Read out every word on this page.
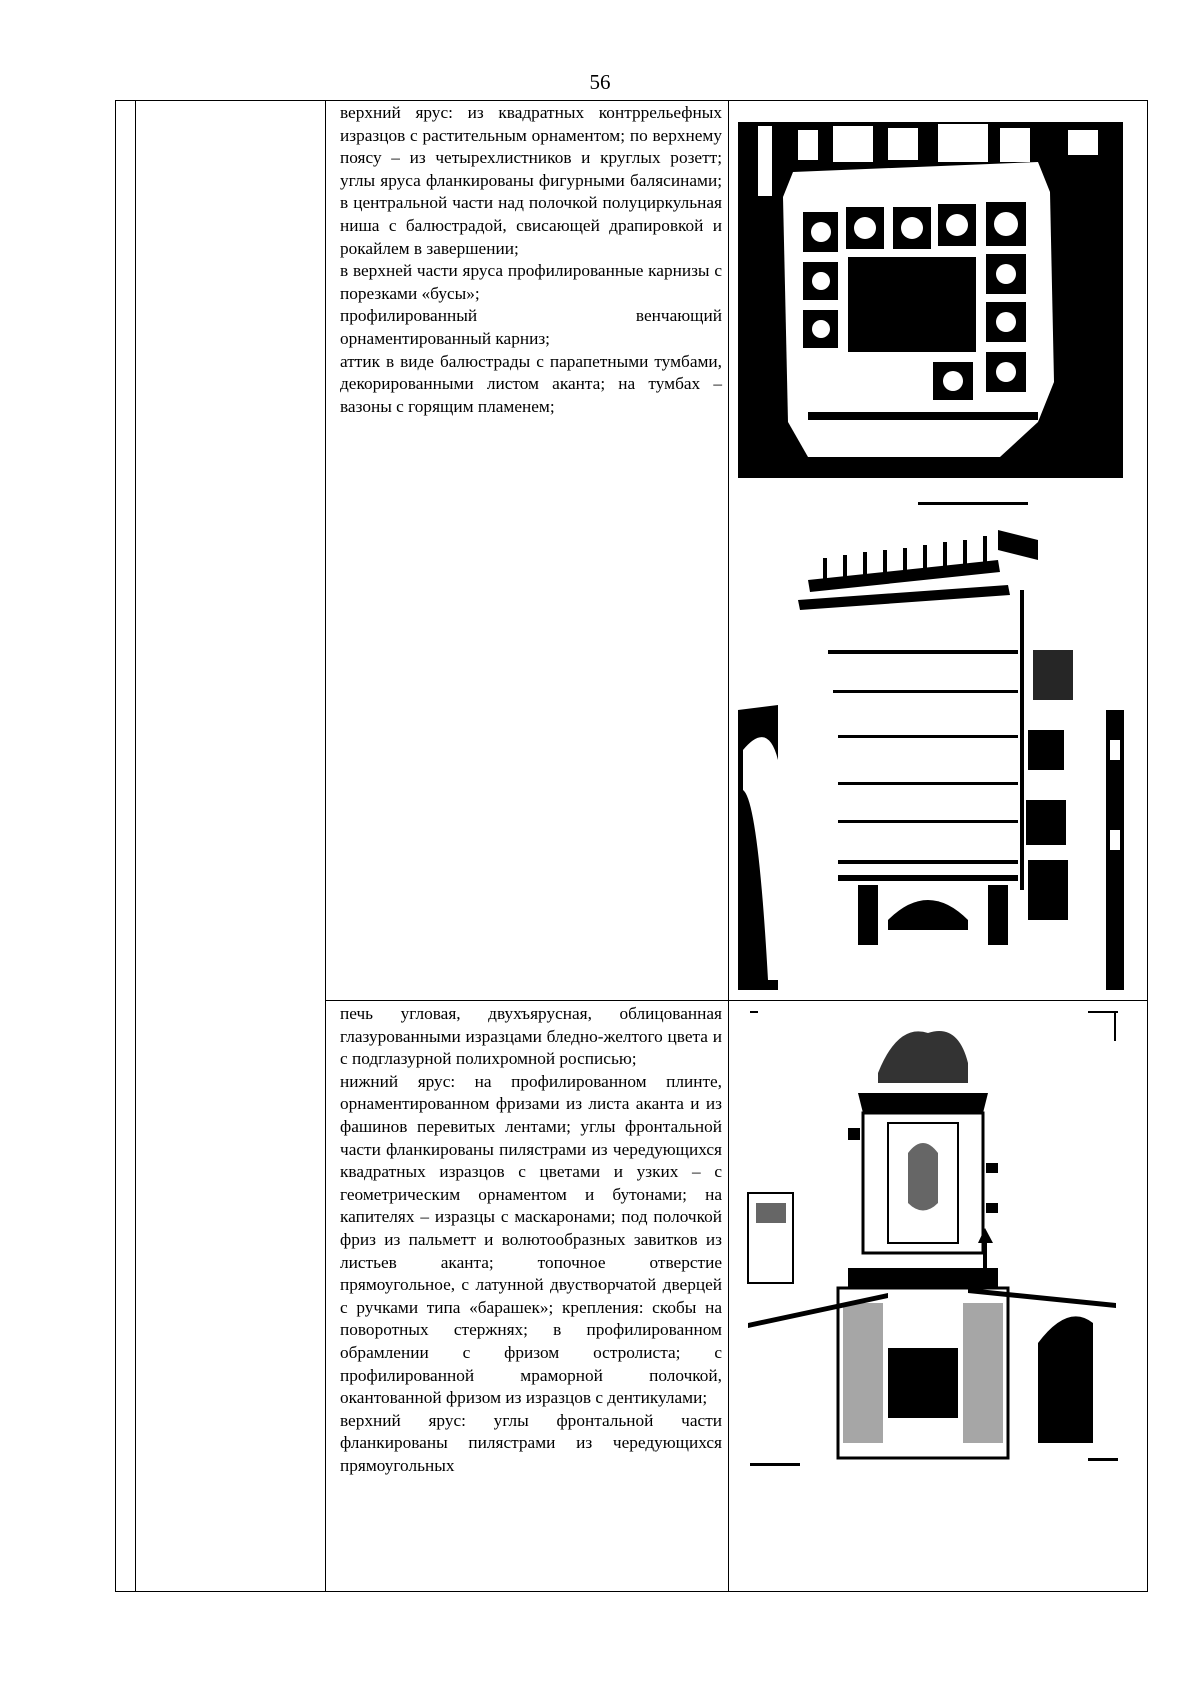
56

верхний ярус: из квадратных контррельефных изразцов с растительным орнаментом; по верхнему поясу – из четырехлистников и круглых розетт; углы яруса фланкированы фигурными балясинами; в центральной части над полочкой полуциркульная ниша с балюстрадой, свисающей драпировкой и рокайлем в завершении;

в верхней части яруса профилированные карнизы с порезками «бусы»;

профилированный венчающий орнаментированный карниз;

аттик в виде балюстрады с парапетными тумбами, декорированными листом аканта; на тумбах – вазоны с горящим пламенем;

печь угловая, двухъярусная, облицованная глазурованными изразцами бледно-желтого цвета и с подглазурной полихромной росписью;

нижний ярус: на профилированном плинте, орнаментированном фризами из листа аканта и из фашинов перевитых лентами; углы фронтальной части фланкированы пилястрами из чередующихся квадратных изразцов с цветами и узких – с геометрическим орнаментом и бутонами; на капителях – изразцы с маскаронами; под полочкой фриз из пальметт и волютообразных завитков из листьев аканта; топочное отверстие прямоугольное, с латунной двустворчатой дверцей с ручками типа «барашек»; крепления: скобы на поворотных стержнях; в профилированном обрамлении с фризом остролиста; с профилированной мраморной полочкой, окантованной фризом из изразцов с дентикулами;

верхний ярус: углы фронтальной части фланкированы пилястрами из чередующихся прямоугольных
